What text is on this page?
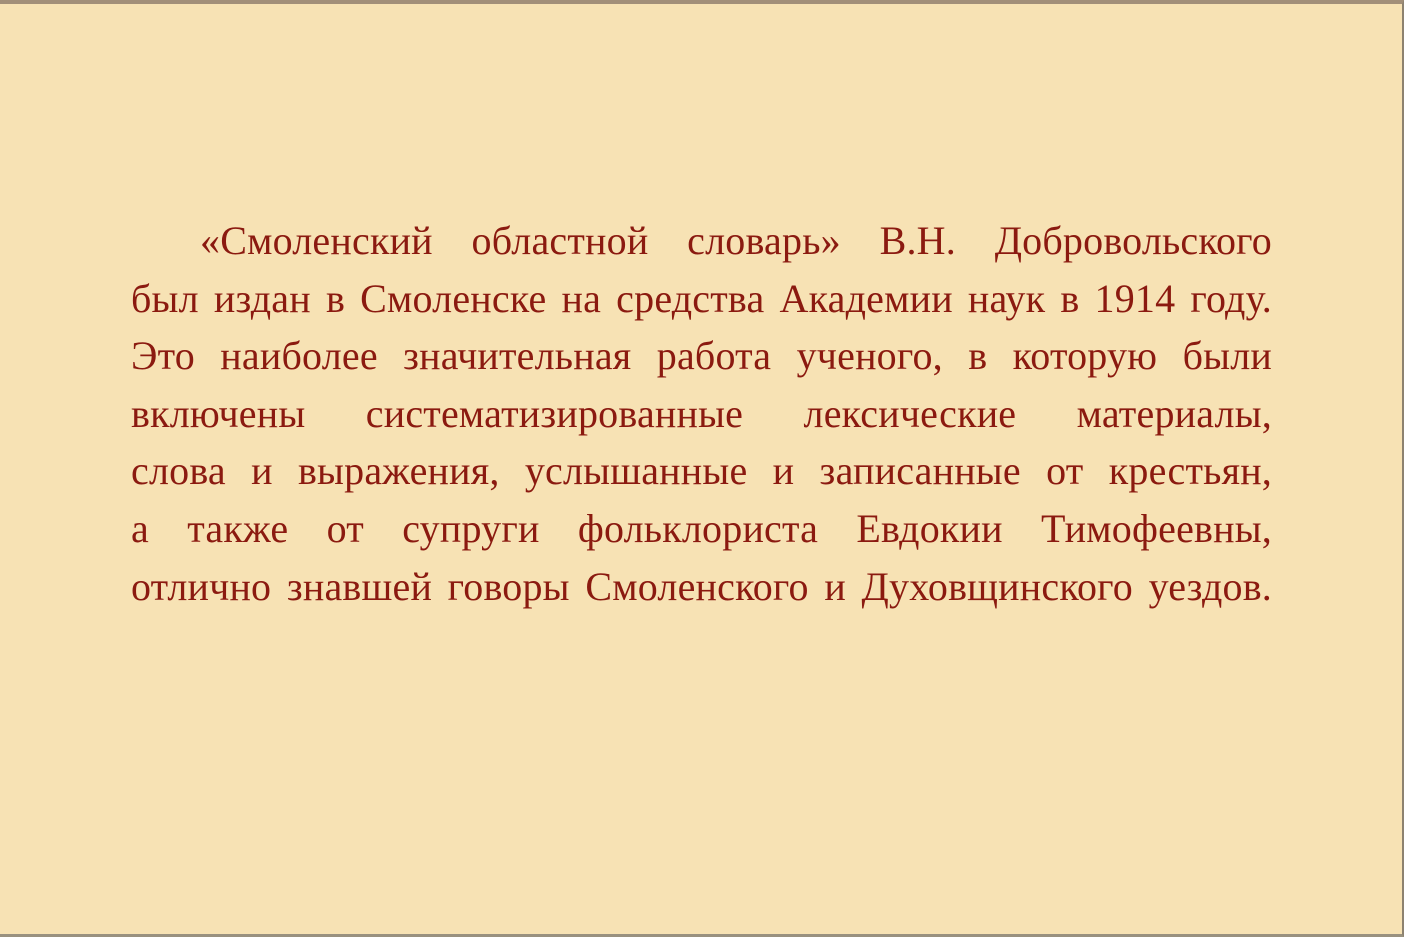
«Смоленский областной словарь» В.Н. Добровольского
был издан в Смоленске на средства Академии наук в 1914 году.
Это наиболее значительная работа ученого, в которую были
включены систематизированные лексические материалы,
слова и выражения, услышанные и записанные от крестьян,
а также от супруги фольклориста Евдокии Тимофеевны,
отлично знавшей говоры Смоленского и Духовщинского уездов.
